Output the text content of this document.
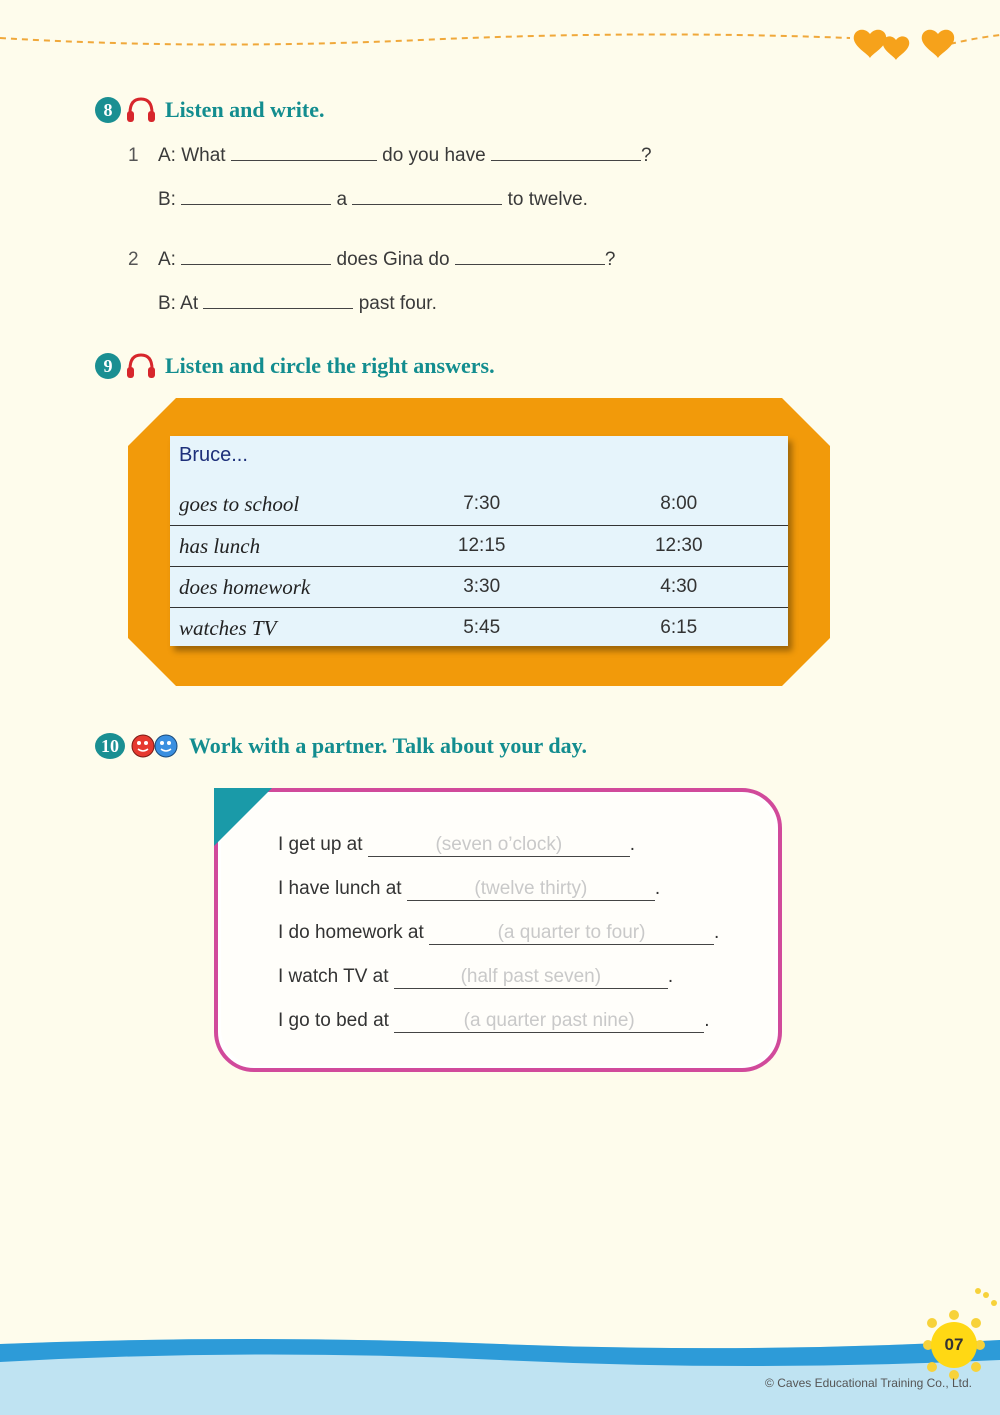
8	Listen and write.
1 A: What	do you have	?
B:	a	to twelve.
2 A:	does Gina do	?
B: At	past four.
9	Listen and circle the right answers.
Bruce...
goes to school	7:30	8:00
has lunch	12:15	12:30
does homework	3:30	4:30
watches TV	5:45	6:15
10	Work with a partner. Talk about your day.
I get up at	(seven o’clock)	.
I have lunch at	(twelve thirty)	.
I do homework at	(a quarter to four)	.
I watch TV at	(half past seven)	.
I go to bed at	(a quarter past nine)	.
07
© Caves Educational Training Co., Ltd.
